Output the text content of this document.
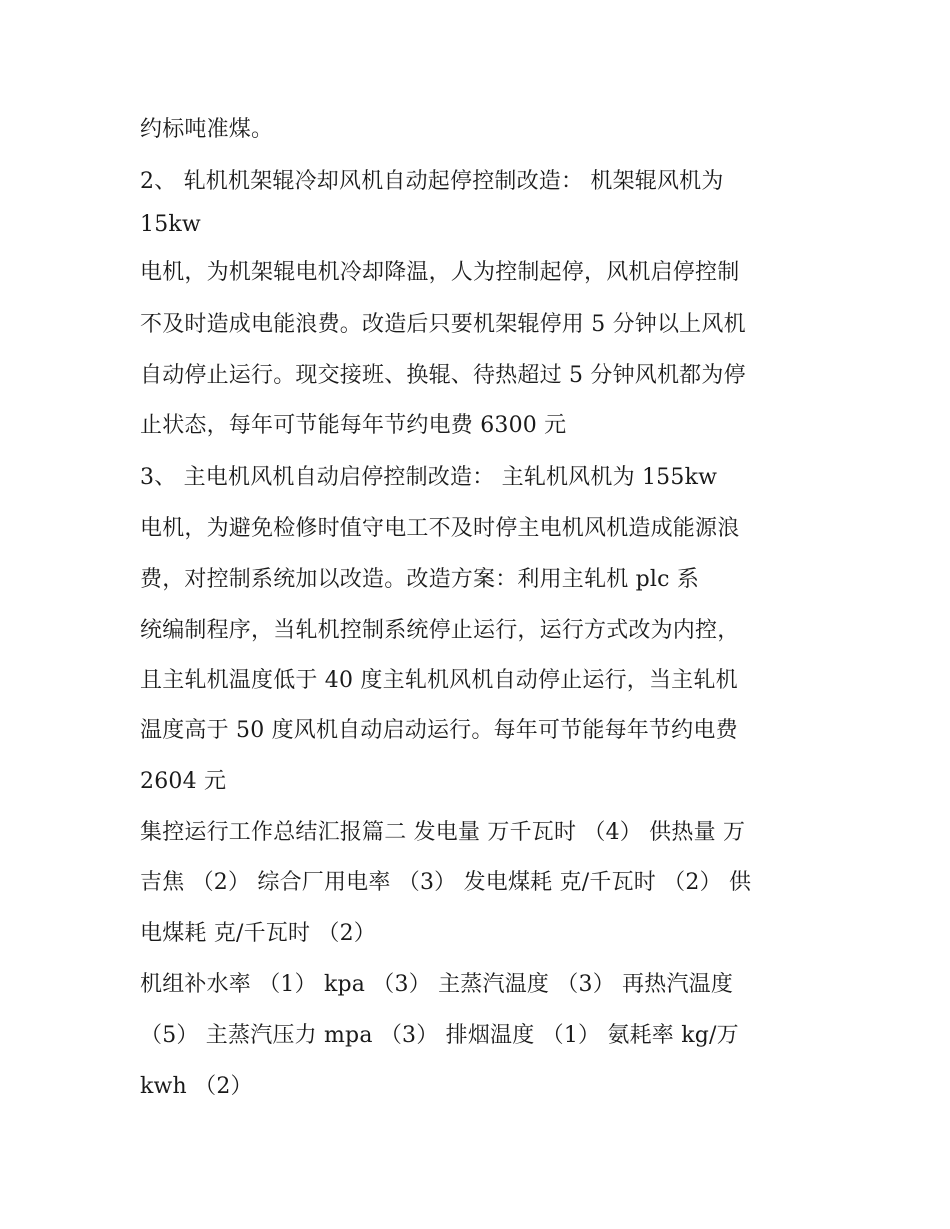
约标吨准煤。
2、 轧机机架辊冷却风机自动起停控制改造： 机架辊风机为
15kw
电机，为机架辊电机冷却降温，人为控制起停，风机启停控制
不及时造成电能浪费。改造后只要机架辊停用 5 分钟以上风机
自动停止运行。现交接班、换辊、待热超过 5 分钟风机都为停
止状态，每年可节能每年节约电费 6300 元
3、 主电机风机自动启停控制改造： 主轧机风机为 155kw
电机，为避免检修时值守电工不及时停主电机风机造成能源浪
费，对控制系统加以改造。改造方案：利用主轧机 plc 系
统编制程序，当轧机控制系统停止运行，运行方式改为内控，
且主轧机温度低于 40 度主轧机风机自动停止运行，当主轧机
温度高于 50 度风机自动启动运行。每年可节能每年节约电费
2604 元
集控运行工作总结汇报篇二 发电量 万千瓦时 （4） 供热量 万
吉焦 （2） 综合厂用电率 （3） 发电煤耗 克/千瓦时 （2） 供
电煤耗 克/千瓦时 （2）
机组补水率 （1） kpa （3） 主蒸汽温度 （3） 再热汽温度
（5） 主蒸汽压力 mpa （3） 排烟温度 （1） 氨耗率 kg/万
kwh （2）
